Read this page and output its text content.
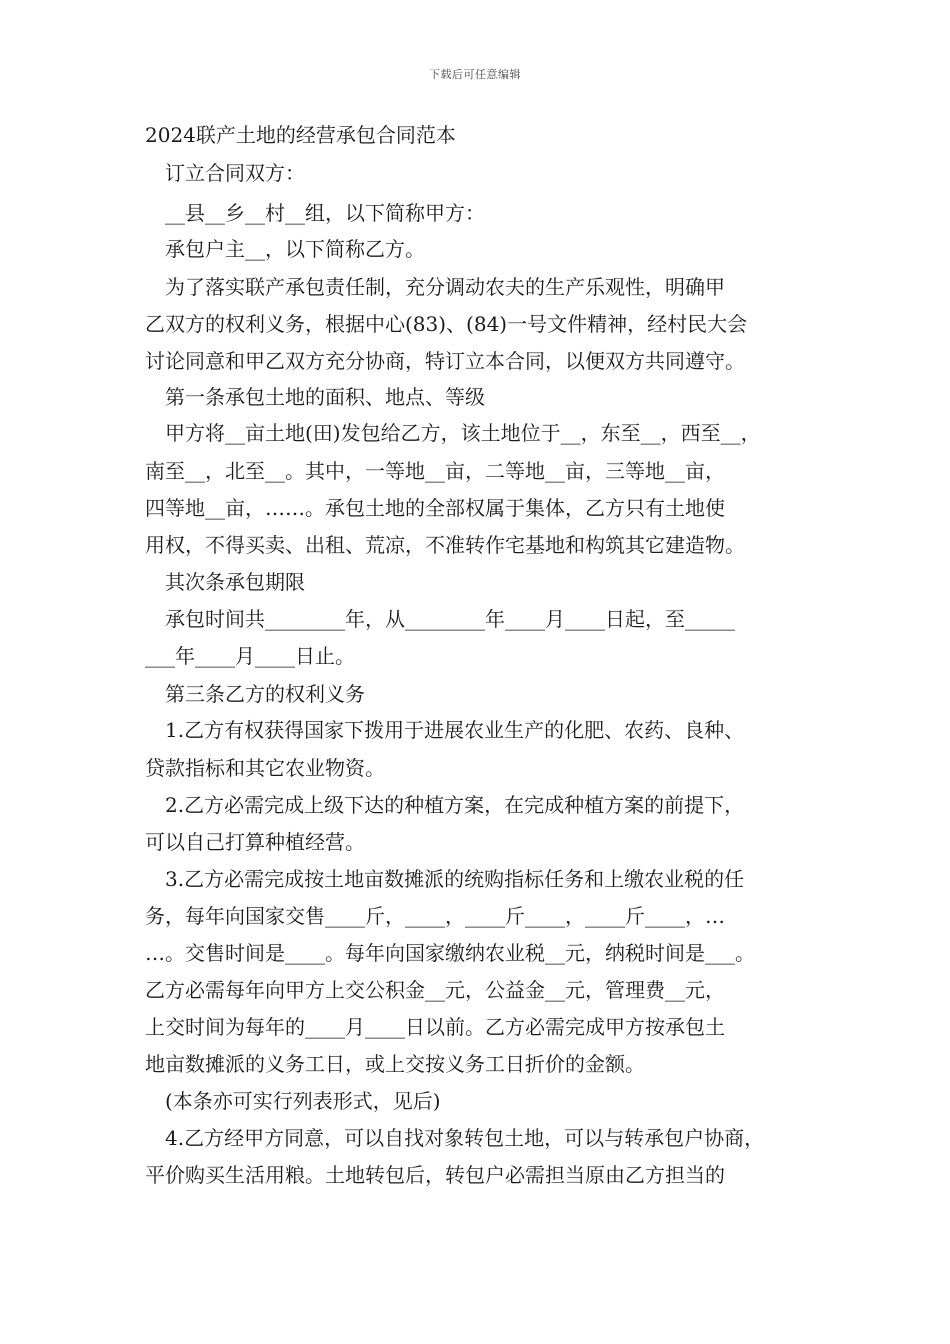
下载后可任意编辑
2024联产土地的经营承包合同范本
订立合同双方：
__县__乡__村__组，以下简称甲方：
承包户主__，以下简称乙方。
为了落实联产承包责任制，充分调动农夫的生产乐观性，明确甲
乙双方的权利义务，根据中心(83)、(84)一号文件精神，经村民大会
讨论同意和甲乙双方充分协商，特订立本合同，以便双方共同遵守。
第一条承包土地的面积、地点、等级
甲方将__亩土地(田)发包给乙方，该土地位于__，东至__，西至__，
南至__，北至__。其中，一等地__亩，二等地__亩，三等地__亩，
四等地__亩，……。承包土地的全部权属于集体，乙方只有土地使
用权，不得买卖、出租、荒凉，不准转作宅基地和构筑其它建造物。
其次条承包期限
承包时间共________年，从________年____月____日起，至_____
___年____月____日止。
第三条乙方的权利义务
1.乙方有权获得国家下拨用于进展农业生产的化肥、农药、良种、
贷款指标和其它农业物资。
2.乙方必需完成上级下达的种植方案，在完成种植方案的前提下，
可以自己打算种植经营。
3.乙方必需完成按土地亩数摊派的统购指标任务和上缴农业税的任
务，每年向国家交售____斤，____，____斤____，____斤____，…
…。交售时间是____。每年向国家缴纳农业税__元，纳税时间是___。
乙方必需每年向甲方上交公积金__元，公益金__元，管理费__元，
上交时间为每年的____月____日以前。乙方必需完成甲方按承包土
地亩数摊派的义务工日，或上交按义务工日折价的金额。
(本条亦可实行列表形式，见后)
4.乙方经甲方同意，可以自找对象转包土地，可以与转承包户协商，
平价购买生活用粮。土地转包后，转包户必需担当原由乙方担当的
